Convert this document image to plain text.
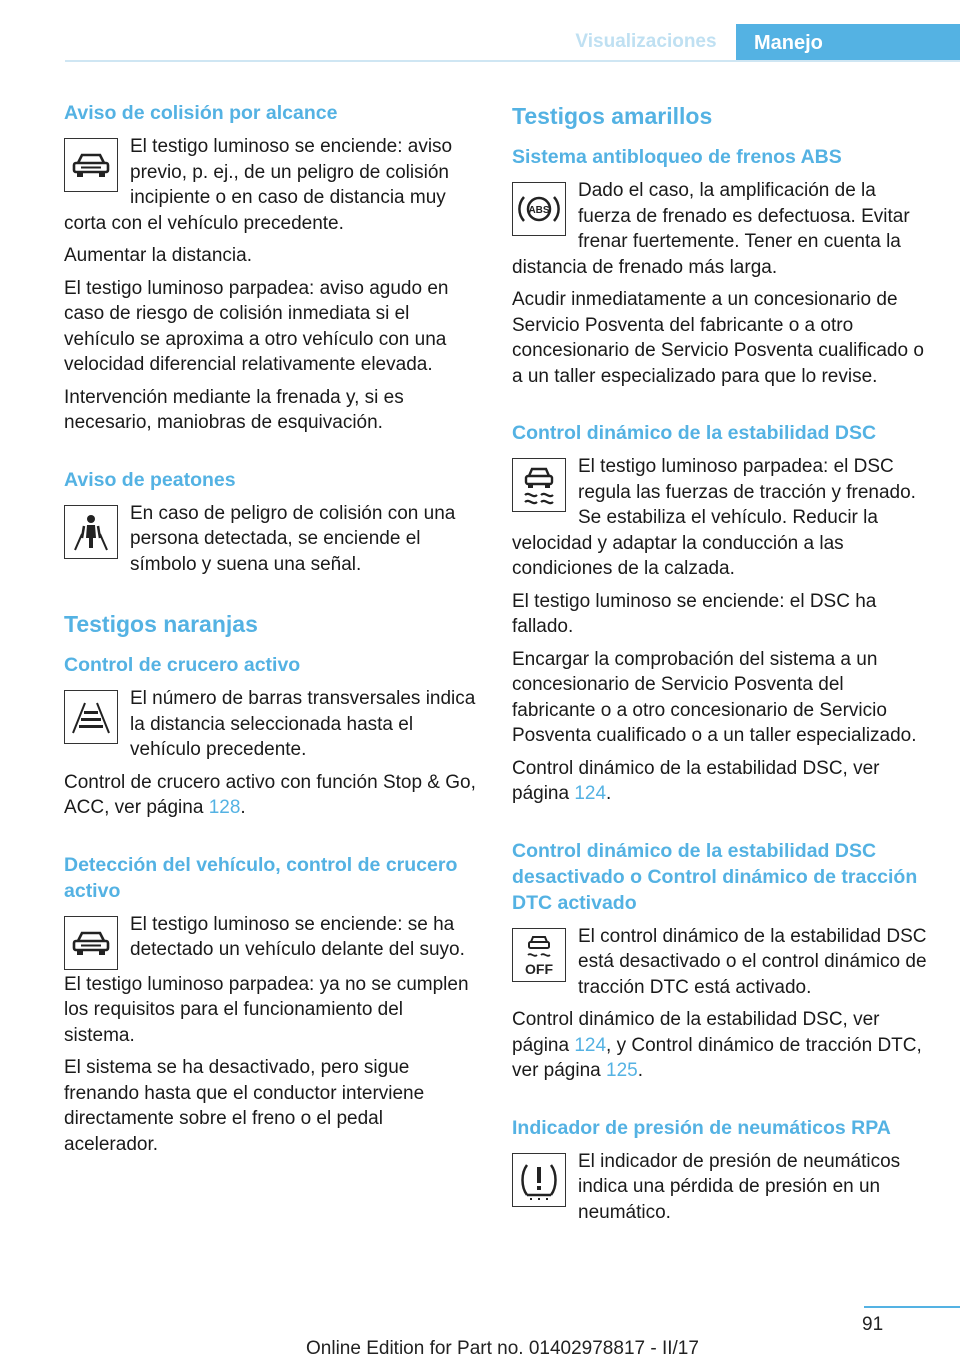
Visualizaciones	Manejo
Aviso de colisión por alcance

El testigo luminoso se enciende: aviso previo, p. ej., de un peligro de colisión incipiente o en caso de distancia muy corta con el vehículo precedente.

Aumentar la distancia.

El testigo luminoso parpadea: aviso agudo en caso de riesgo de colisión inmediata si el vehículo se aproxima a otro vehículo con una velocidad diferencial relativamente elevada.

Intervención mediante la frenada y, si es necesario, maniobras de esquivación.

Aviso de peatones

En caso de peligro de colisión con una persona detectada, se enciende el símbolo y suena una señal.

Testigos naranjas
Control de crucero activo

El número de barras transversales indica la distancia seleccionada hasta el vehículo precedente.

Control de crucero activo con función Stop & Go, ACC, ver página 128.

Detección del vehículo, control de crucero activo

El testigo luminoso se enciende: se ha detectado un vehículo delante del suyo.

El testigo luminoso parpadea: ya no se cumplen los requisitos para el funcionamiento del sistema.

El sistema se ha desactivado, pero sigue frenando hasta que el conductor interviene directamente sobre el freno o el pedal acelerador.

Testigos amarillos
Sistema antibloqueo de frenos ABS
ABS

Dado el caso, la amplificación de la fuerza de frenado es defectuosa. Evitar frenar fuertemente. Tener en cuenta la distancia de frenado más larga.

Acudir inmediatamente a un concesionario de Servicio Posventa del fabricante o a otro concesionario de Servicio Posventa cualificado o a un taller especializado para que lo revise.

Control dinámico de la estabilidad DSC

El testigo luminoso parpadea: el DSC regula las fuerzas de tracción y frenado. Se estabiliza el vehículo. Reducir la velocidad y adaptar la conducción a las condiciones de la calzada.

El testigo luminoso se enciende: el DSC ha fallado.

Encargar la comprobación del sistema a un concesionario de Servicio Posventa del fabricante o a otro concesionario de Servicio Posventa cualificado o a un taller especializado.

Control dinámico de la estabilidad DSC, ver página 124.

Control dinámico de la estabilidad DSC desactivado o Control dinámico de tracción DTC activado
OFF

El control dinámico de la estabilidad DSC está desactivado o el control dinámico de tracción DTC está activado.

Control dinámico de la estabilidad DSC, ver página 124, y Control dinámico de tracción DTC, ver página 125.

Indicador de presión de neumáticos RPA

El indicador de presión de neumáticos indica una pérdida de presión en un neumático.

91
Online Edition for Part no. 01402978817 - II/17
